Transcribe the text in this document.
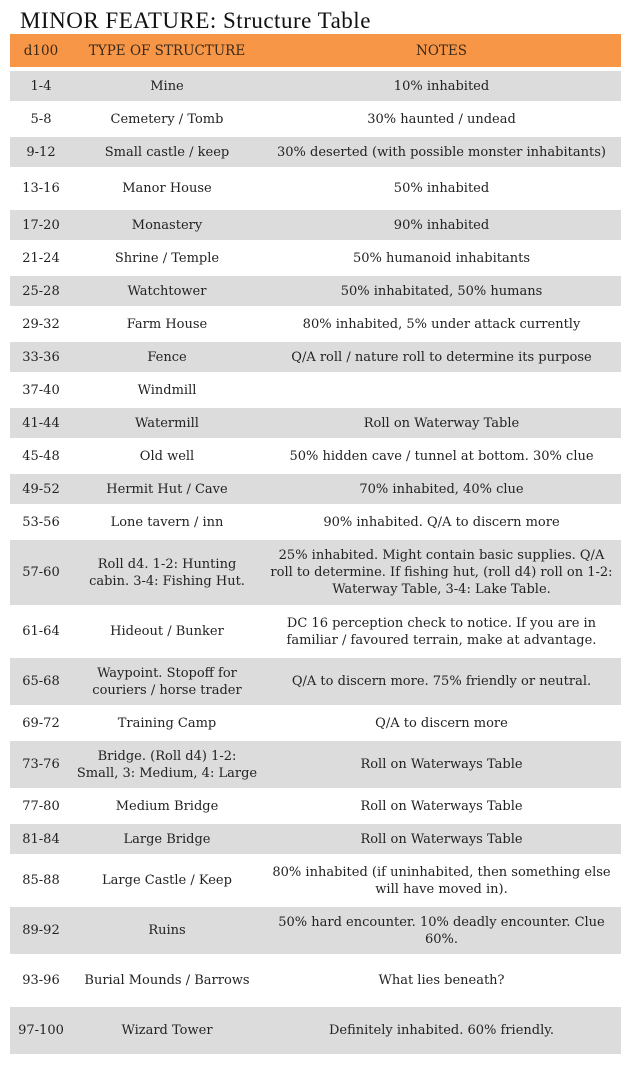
MINOR FEATURE: Structure Table
d100	TYPE OF STRUCTURE	NOTES
1-4	Mine	10% inhabited
5-8	Cemetery / Tomb	30% haunted / undead
9-12	Small castle / keep	30% deserted (with possible monster inhabitants)
13-16	Manor House	50% inhabited
17-20	Monastery	90% inhabited
21-24	Shrine / Temple	50% humanoid inhabitants
25-28	Watchtower	50% inhabitated, 50% humans
29-32	Farm House	80% inhabited, 5% under attack currently
33-36	Fence	Q/A roll / nature roll to determine its purpose
37-40	Windmill	
41-44	Watermill	Roll on Waterway Table
45-48	Old well	50% hidden cave / tunnel at bottom. 30% clue
49-52	Hermit Hut / Cave	70% inhabited, 40% clue
53-56	Lone tavern / inn	90% inhabited. Q/A to discern more
57-60	Roll d4. 1-2: Hunting cabin. 3-4: Fishing Hut.	25% inhabited. Might contain basic supplies. Q/A roll to determine. If fishing hut, (roll d4) roll on 1-2: Waterway Table, 3-4: Lake Table.
61-64	Hideout / Bunker	DC 16 perception check to notice. If you are in familiar / favoured terrain, make at advantage.
65-68	Waypoint. Stopoff for couriers / horse trader	Q/A to discern more. 75% friendly or neutral.
69-72	Training Camp	Q/A to discern more
73-76	Bridge. (Roll d4) 1-2: Small, 3: Medium, 4: Large	Roll on Waterways Table
77-80	Medium Bridge	Roll on Waterways Table
81-84	Large Bridge	Roll on Waterways Table
85-88	Large Castle / Keep	80% inhabited (if uninhabited, then something else will have moved in).
89-92	Ruins	50% hard encounter. 10% deadly encounter. Clue 60%.
93-96	Burial Mounds / Barrows	What lies beneath?
97-100	Wizard Tower	Definitely inhabited. 60% friendly.
